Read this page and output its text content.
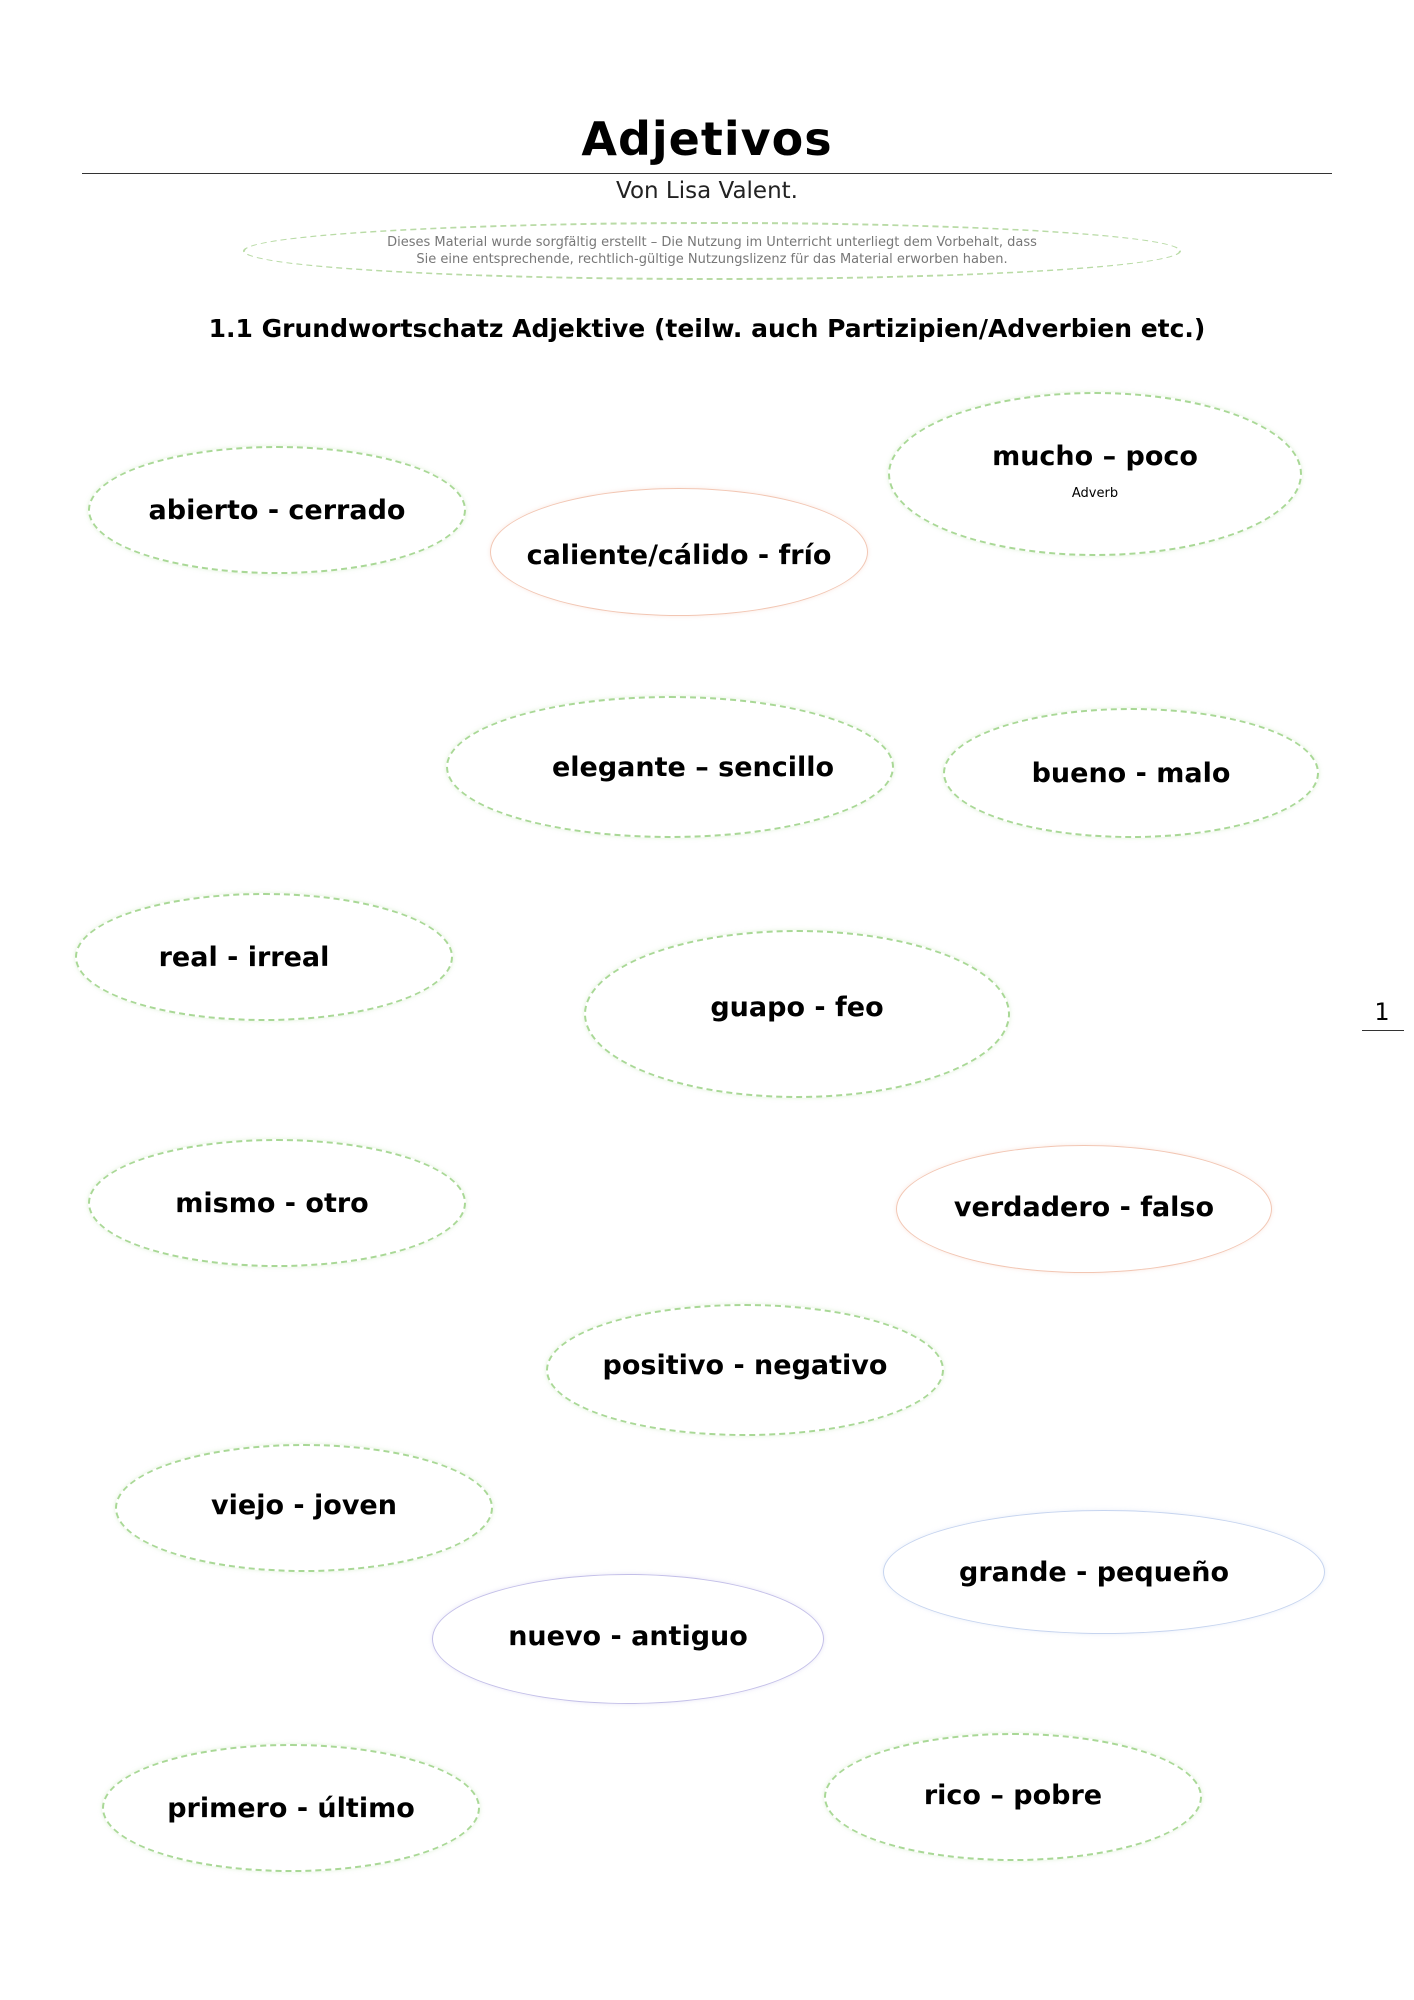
Adjetivos
Von Lisa Valent.
Dieses Material wurde sorgfältig erstellt – Die Nutzung im Unterricht unterliegt dem Vorbehalt, dass
Sie eine entsprechende, rechtlich-gültige Nutzungslizenz für das Material erworben haben.
1.1 Grundwortschatz Adjektive (teilw. auch Partizipien/Adverbien etc.)
abierto - cerrado
caliente/cálido - frío
mucho – poco
Adverb
elegante – sencillo	bueno - malo
real - irreal
guapo - feo
mismo - otro	verdadero - falso
positivo - negativo
viejo - joven
grande - pequeño
nuevo - antiguo
primero - último	rico – pobre
1
